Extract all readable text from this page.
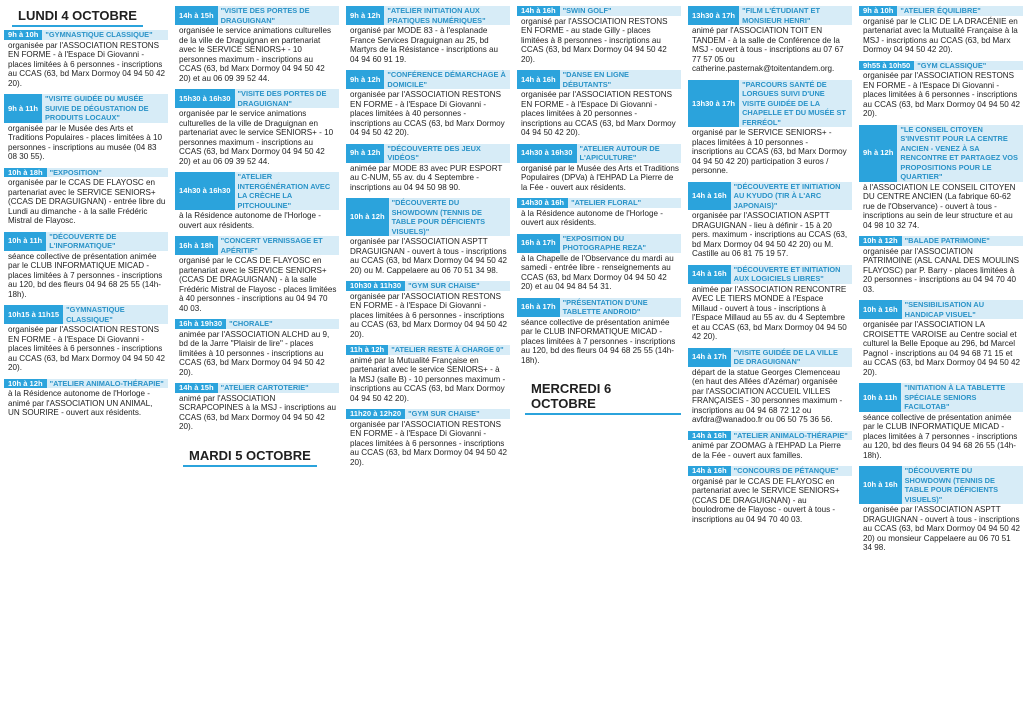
LUNDI 4 OCTOBRE
9h à 10h "GYMNASTIQUE CLASSIQUE"
organisée par l'ASSOCIATION RESTONS EN FORME - à l'Espace Di Giovanni - places limitées à 6 personnes - inscriptions au CCAS (63, bd Marx Dormoy 04 94 50 42 20).
9h à 11h
"VISITE GUIDÉE DU MUSÉE SUIVIE DE DÉGUSTATION DE PRODUITS LOCAUX"
organisée par le Musée des Arts et Traditions Populaires - places limitées à 10 personnes - inscriptions au musée (04 83 08 30 55).
10h à 18h "EXPOSITION"
organisée par le CCAS DE FLAYOSC en partenariat avec le SERVICE SENIORS+ (CCAS DE DRAGUIGNAN) - entrée libre du Lundi au dimanche - à la salle Frédéric Mistral de Flayosc.
10h à 11h
"DÉCOUVERTE DE L'INFORMATIQUE"
séance collective de présentation animée par le CLUB INFORMATIQUE MICAD - places limitées à 7 personnes - inscriptions au 120, bd des fleurs 04 94 68 25 55 (14h-18h).
10h15 à 11h15
"GYMNASTIQUE CLASSIQUE"
organisée par l'ASSOCIATION RESTONS EN FORME - à l'Espace Di Giovanni - places limitées à 6 personnes - inscriptions au CCAS (63, bd Marx Dormoy 04 94 50 42 20).
10h à 12h "ATELIER ANIMALO-THÉRAPIE"
à la Résidence autonome de l'Horloge - animé par l'ASSOCIATION UN ANIMAL, UN SOURIRE - ouvert aux résidents.
14h à 15h
"VISITE DES PORTES DE DRAGUIGNAN"
organisée le service animations culturelles de la ville de Draguignan en partenariat avec le SERVICE SENIORS+ - 10 personnes maximum - inscriptions au CCAS (63, bd Marx Dormoy 04 94 50 42 20) et au 06 09 39 52 44.
15h30 à 16h30
"VISITE DES PORTES DE DRAGUIGNAN"
organisée par le service animations culturelles de la ville de Draguignan en partenariat avec le service SENIORS+ - 10 personnes maximum - inscriptions au CCAS (63, bd Marx Dormoy 04 94 50 42 20) et au 06 09 39 52 44.
14h30 à 16h30
"ATELIER INTERGÉNÉRATION AVEC LA CRÈCHE LA PITCHOULINE"
à la Résidence autonome de l'Horloge - ouvert aux résidents.
16h à 18h
"CONCERT VERNISSAGE ET APÉRITIF"
organisé par le CCAS DE FLAYOSC en partenariat avec le SERVICE SENIORS+ (CCAS DE DRAGUIGNAN) - à la salle Frédéric Mistral de Flayosc - places limitées à 40 personnes - inscriptions au 04 94 70 40 03.
16h à 19h30 "CHORALE"
animée par l'ASSOCIATION ALCHD au 9, bd de la Jarre "Plaisir de lire" - places limitées à 10 personnes - inscriptions au CCAS (63, bd Marx Dormoy 04 94 50 42 20).
14h à 15h "ATELIER CARTOTERIE"
animé par l'ASSOCIATION SCRAPCOPINES à la MSJ - inscriptions au CCAS (63, bd Marx Dormoy 04 94 50 42 20).
MARDI 5 OCTOBRE
9h à 12h
"ATELIER INITIATION AUX PRATIQUES NUMÉRIQUES"
organisé par MODE 83 - à l'esplanade France Services Draguignan au 25, bd Martyrs de la Résistance - inscriptions au 04 94 60 91 19.
9h à 12h
"CONFÉRENCE DÉMARCHAGE À DOMICILE"
organisée par l'ASSOCIATION RESTONS EN FORME - à l'Espace Di Giovanni - places limitées à 40 personnes - inscriptions au CCAS (63, bd Marx Dormoy 04 94 50 42 20).
9h à 12h
"DÉCOUVERTE DES JEUX VIDÉOS"
animée par MODE 83 avec PUR ESPORT au C-NUM, 55 av. du 4 Septembre - inscriptions au 04 94 50 98 90.
10h à 12h
"DÉCOUVERTE DU SHOWDOWN (TENNIS DE TABLE POUR DÉFICIENTS VISUELS)"
organisée par l'ASSOCIATION ASPTT DRAGUIGNAN - ouvert à tous - inscriptions au CCAS (63, bd Marx Dormoy 04 94 50 42 20) ou M. Cappelaere au 06 70 51 34 98.
10h30 à 11h30 "GYM SUR CHAISE"
organisée par l'ASSOCIATION RESTONS EN FORME - à l'Espace Di Giovanni - places limitées à 6 personnes - inscriptions au CCAS (63, bd Marx Dormoy 04 94 50 42 20).
11h à 12h "ATELIER RESTE À CHARGE 0"
animé par la Mutualité Française en partenariat avec le service SENIORS+ - à la MSJ (salle B) - 10 personnes maximum - inscriptions au CCAS (63, bd Marx Dormoy 04 94 50 42 20).
11h20 à 12h20 "GYM SUR CHAISE"
organisée par l'ASSOCIATION RESTONS EN FORME - à l'Espace Di Giovanni - places limitées à 6 personnes - inscriptions au CCAS (63, bd Marx Dormoy 04 94 50 42 20).
14h à 16h "SWIN GOLF"
organisé par l'ASSOCIATION RESTONS EN FORME - au stade Gilly - places limitées à 8 personnes - inscriptions au CCAS (63, bd Marx Dormoy 04 94 50 42 20).
14h à 16h
"DANSE EN LIGNE DÉBUTANTS"
organisée par l'ASSOCIATION RESTONS EN FORME - à l'Espace Di Giovanni - places limitées à 20 personnes - inscriptions au CCAS (63, bd Marx Dormoy 04 94 50 42 20).
14h30 à 16h30
"ATELIER AUTOUR DE L'APICULTURE"
organisé par le Musée des Arts et Traditions Populaires (DPVa) à l'EHPAD La Pierre de la Fée - ouvert aux résidents.
14h30 à 16h "ATELIER FLORAL"
à la Résidence autonome de l'Horloge - ouvert aux résidents.
16h à 17h
"EXPOSITION DU PHOTOGRAPHE REZA"
à la Chapelle de l'Observance du mardi au samedi - entrée libre - renseignements au CCAS (63, bd Marx Dormoy 04 94 50 42 20) et au 04 94 84 54 31.
16h à 17h
"PRÉSENTATION D'UNE TABLETTE ANDROID"
séance collective de présentation animée par le CLUB INFORMATIQUE MICAD - places limitées à 7 personnes - inscriptions au 120, bd des fleurs 04 94 68 25 55 (14h-18h).
MERCREDI 6 OCTOBRE
13h30 à 17h
"FILM L'ÉTUDIANT ET MONSIEUR HENRI"
animé par l'ASSOCIATION TOIT EN TANDEM - à la salle de Conférence de la MSJ - ouvert à tous - inscriptions au 07 67 77 57 05 ou catherine.pasternak@toitentandem.org.
13h30 à 17h
"PARCOURS SANTÉ DE LORGUES SUIVI D'UNE VISITE GUIDÉE DE LA CHAPELLE ET DU MUSÉE ST FERRÉOL"
organisé par le SERVICE SENIORS+ - places limitées à 10 personnes - inscriptions au CCAS (63, bd Marx Dormoy 04 94 50 42 20) participation 3 euros / personne.
14h à 16h
"DÉCOUVERTE ET INITIATION AU KYUDO (TIR À L'ARC JAPONAIS)"
organisée par l'ASSOCIATION ASPTT DRAGUIGNAN - lieu à définir - 15 à 20 pers. maximum - inscriptions au CCAS (63, bd Marx Dormoy 04 94 50 42 20) ou M. Castille au 06 81 75 19 57.
14h à 16h
"DÉCOUVERTE ET INITIATION AUX LOGICIELS LIBRES"
animée par l'ASSOCIATION RENCONTRE AVEC LE TIERS MONDE à l'Espace Millaud - ouvert à tous - inscriptions à l'Espace Millaud au 55 av. du 4 Septembre et au CCAS (63, bd Marx Dormoy 04 94 50 42 20).
14h à 17h
"VISITE GUIDÉE DE LA VILLE DE DRAGUIGNAN"
départ de la statue Georges Clemenceau (en haut des Allées d'Azémar) organisée par l'ASSOCIATION ACCUEIL VILLES FRANÇAISES - 30 personnes maximum - inscriptions au 04 94 68 72 12 ou avfdra@wanadoo.fr ou 06 50 75 36 56.
14h à 16h "ATELIER ANIMALO-THÉRAPIE"
animé par ZOOMAG à l'EHPAD La Pierre de la Fée - ouvert aux familles.
14h à 16h "CONCOURS DE PÉTANQUE"
organisé par le CCAS DE FLAYOSC en partenariat avec le SERVICE SENIORS+ (CCAS DE DRAGUIGNAN) - au boulodrome de Flayosc - ouvert à tous - inscriptions au 04 94 70 40 03.
9h à 10h "ATELIER ÉQUILIBRE"
organisé par le CLIC DE LA DRACÉNIE en partenariat avec la Mutualité Française à la MSJ - inscriptions au CCAS (63, bd Marx Dormoy 04 94 50 42 20).
9h55 à 10h50 "GYM CLASSIQUE"
organisée par l'ASSOCIATION RESTONS EN FORME - à l'Espace Di Giovanni - places limitées à 6 personnes - inscriptions au CCAS (63, bd Marx Dormoy 04 94 50 42 20).
9h à 12h
"LE CONSEIL CITOYEN S'INVESTIT POUR LA CENTRE ANCIEN - VENEZ À SA RENCONTRE ET PARTAGEZ VOS PROPOSITIONS POUR LE QUARTIER"
à l'ASSOCIATION LE CONSEIL CITOYEN DU CENTRE ANCIEN (La fabrique 60-62 rue de l'Observance) - ouvert à tous - inscriptions au sein de leur structure et au 04 98 10 32 74.
10h à 12h "BALADE PATRIMOINE"
organisée par l'ASSOCIATION PATRIMOINE (ASL CANAL DES MOULINS FLAYOSC) par P. Barry - places limitées à 20 personnes - inscriptions au 04 94 70 40 03.
10h à 16h
"SENSIBILISATION AU HANDICAP VISUEL"
organisée par l'ASSOCIATION LA CROISETTE VAROISE au Centre social et culturel la Belle Epoque au 296, bd Marcel Pagnol - inscriptions au 04 94 68 71 15 et au CCAS (63, bd Marx Dormoy 04 94 50 42 20).
10h à 11h
"INITIATION À LA TABLETTE SPÉCIALE SENIORS FACILOTAB"
séance collective de présentation animée par le CLUB INFORMATIQUE MICAD - places limitées à 7 personnes - inscriptions au 120, bd des fleurs 04 94 68 26 55 (14h-18h).
10h à 16h
"DÉCOUVERTE DU SHOWDOWN (TENNIS DE TABLE POUR DÉFICIENTS VISUELS)"
organisée par l'ASSOCIATION ASPTT DRAGUIGNAN - ouvert à tous - inscriptions au CCAS (63, bd Marx Dormoy 04 94 50 42 20) ou monsieur Cappelaere au 06 70 51 34 98.
